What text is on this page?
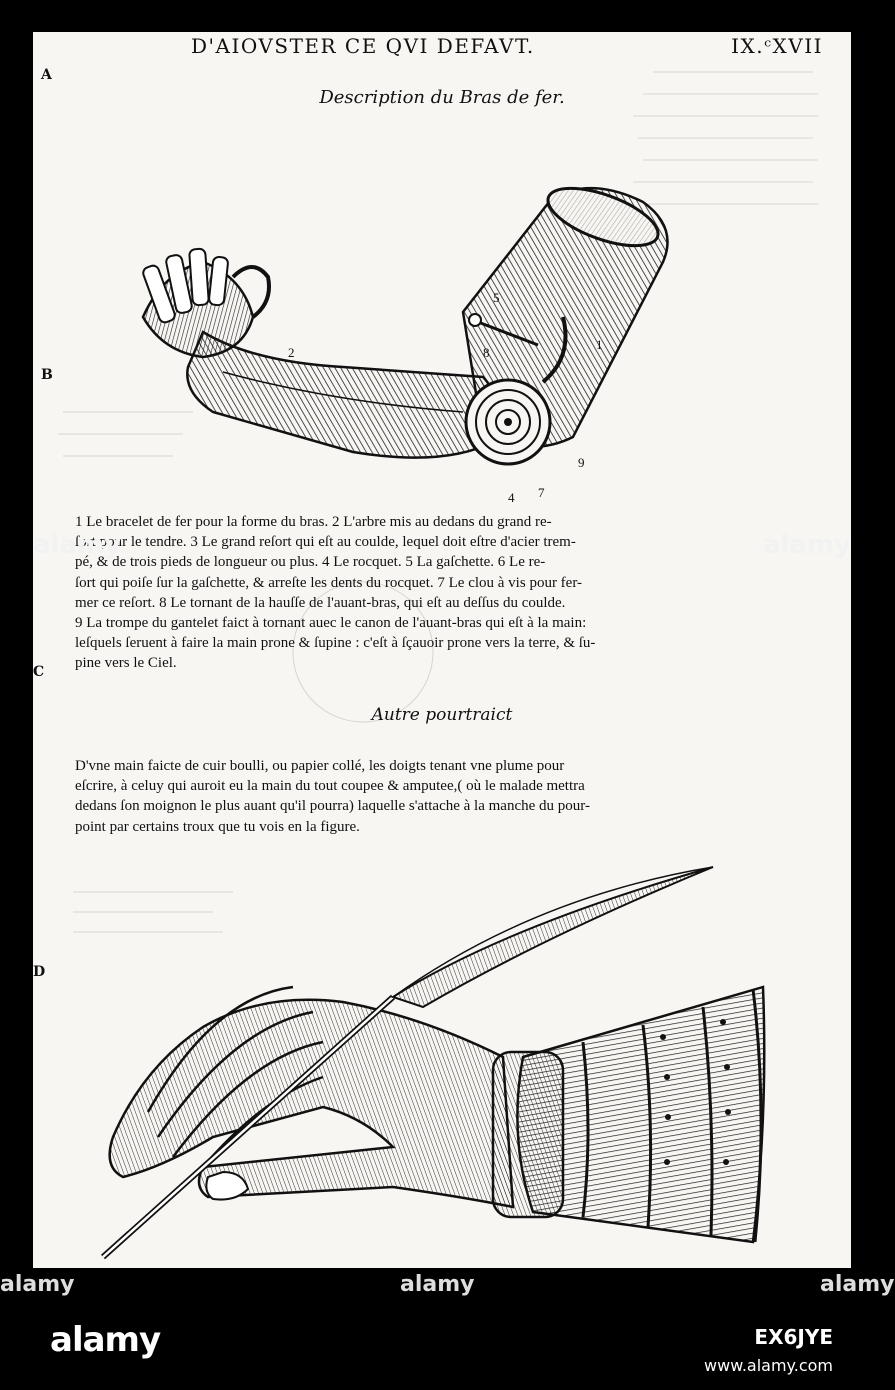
D'AIOVSTER CE QVI DEFAVT.	IX.ᶜXVII
A
B
C
D
Description du Bras de fer.
5
8
1
9
7
4
2
1 Le bracelet de fer pour la forme du bras. 2 L'arbre mis au dedans du grand re-
ſort pour le tendre. 3 Le grand reſort qui eſt au coulde, lequel doit eſtre d'acier trem-
pé, & de trois pieds de longueur ou plus. 4 Le rocquet. 5 La gaſchette. 6 Le re-
ſort qui poiſe ſur la gaſchette, & arreſte les dents du rocquet. 7 Le clou à vis pour fer-
mer ce reſort. 8 Le tornant de la hauſſe de l'auant-bras, qui eſt au deſſus du coulde.
9 La trompe du gantelet faict à tornant auec le canon de l'auant-bras qui eſt à la main:
leſquels ſeruent à faire la main prone & ſupine : c'eſt à ſçauoir prone vers la terre, & ſu-
pine vers le Ciel.
Autre pourtraict
D'vne main faicte de cuir boulli, ou papier collé, les doigts tenant vne plume pour
eſcrire, à celuy qui auroit eu la main du tout coupee & amputee,( où le malade mettra
dedans ſon moignon le plus auant qu'il pourra) laquelle s'attache à la manche du pour-
point par certains troux que tu vois en la figure.
alamy	alamy
alamy	alamy	alamy
alamy	EX6JYE
www.alamy.com
